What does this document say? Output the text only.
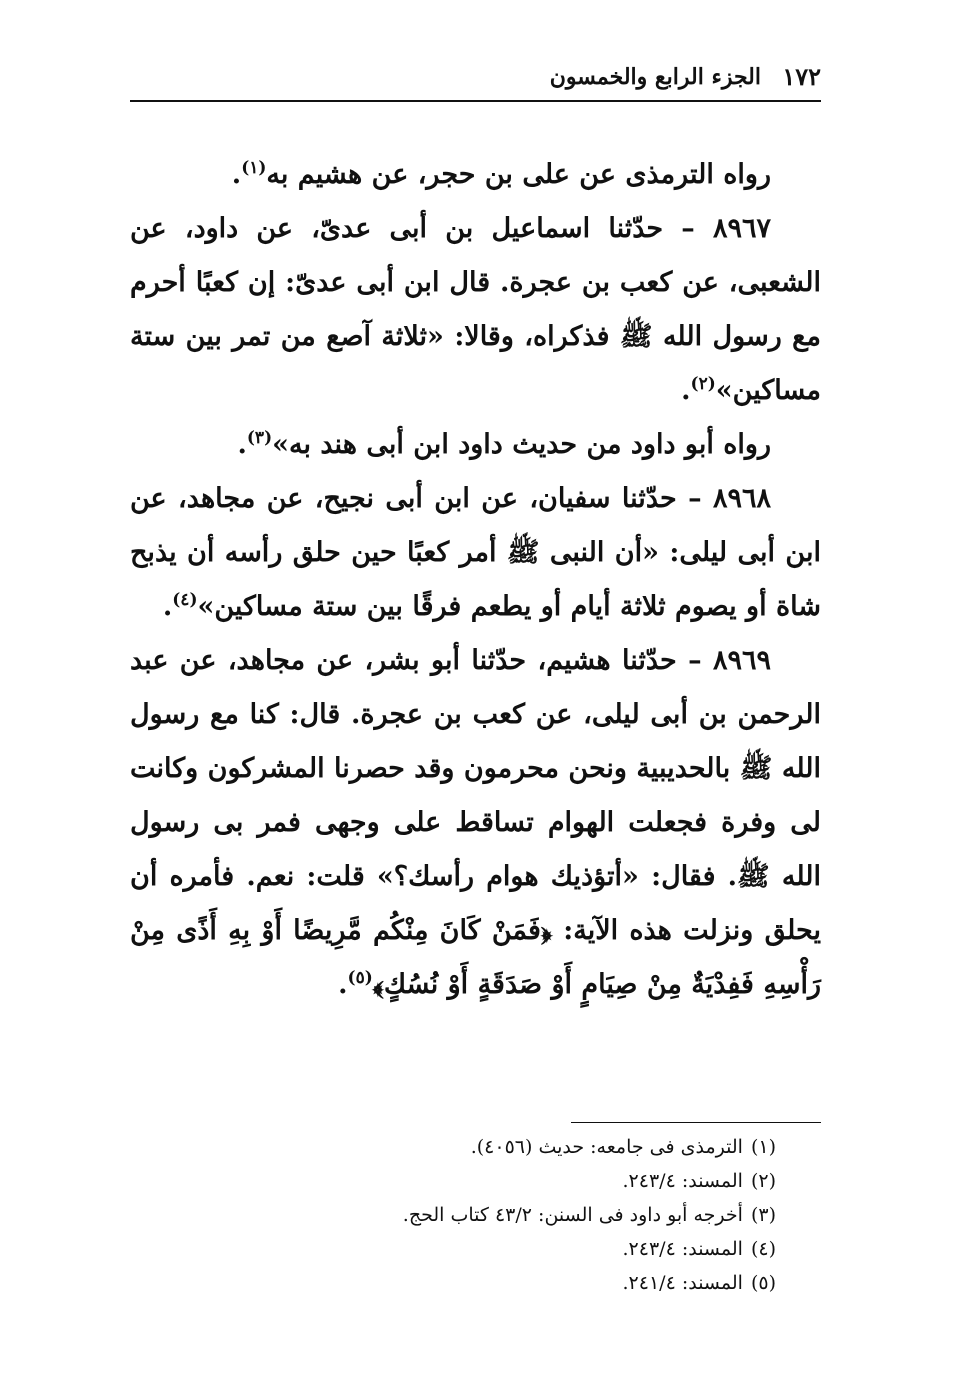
١٧٢
الجزء الرابع والخمسون

رواه الترمذى عن على بن حجر، عن هشيم به$^{(١)}$.

٨٩٦٧ – حدّثنا اسماعيل بن أبى عدىّ، عن داود، عن الشعبى، عن كعب بن عجرة. قال ابن أبى عدىّ: إن كعبًا أحرم مع رسول الله ﷺ فذكراه، وقالا: «ثلاثة آصع من تمر بين ستة مساكين»$^{(٢)}$.

رواه أبو داود من حديث داود ابن أبى هند به»$^{(٣)}$.

٨٩٦٨ – حدّثنا سفيان، عن ابن أبى نجيح، عن مجاهد، عن ابن أبى ليلى: «أن النبى ﷺ أمر كعبًا حين حلق رأسه أن يذبح شاة أو يصوم ثلاثة أيام أو يطعم فرقًا بين ستة مساكين»$^{(٤)}$.

٨٩٦٩ – حدّثنا هشيم، حدّثنا أبو بشر، عن مجاهد، عن عبد الرحمن بن أبى ليلى، عن كعب بن عجرة. قال: كنا مع رسول الله ﷺ بالحديبية ونحن محرمون وقد حصرنا المشركون وكانت لى وفرة فجعلت الهوام تساقط على وجهى فمر بى رسول الله ﷺ. فقال: «أتؤذيك هوام رأسك؟» قلت: نعم. فأمره أن يحلق ونزلت هذه الآية: ﴿فَمَنْ كَانَ مِنْكُم مَّرِيضًا أَوْ بِهِ أَذًى مِنْ رَأْسِهِ فَفِدْيَةٌ مِنْ صِيَامٍ أَوْ صَدَقَةٍ أَوْ نُسُكٍ﴾$^{(٥)}$.

(١)الترمذى فى جامعه: حديث (٤٠٥٦).
(٢)المسند: ٢٤٣/٤.
(٣)أخرجه أبو داود فى السنن: ٤٣/٢ كتاب الحج.
(٤)المسند: ٢٤٣/٤.
(٥)المسند: ٢٤١/٤.
